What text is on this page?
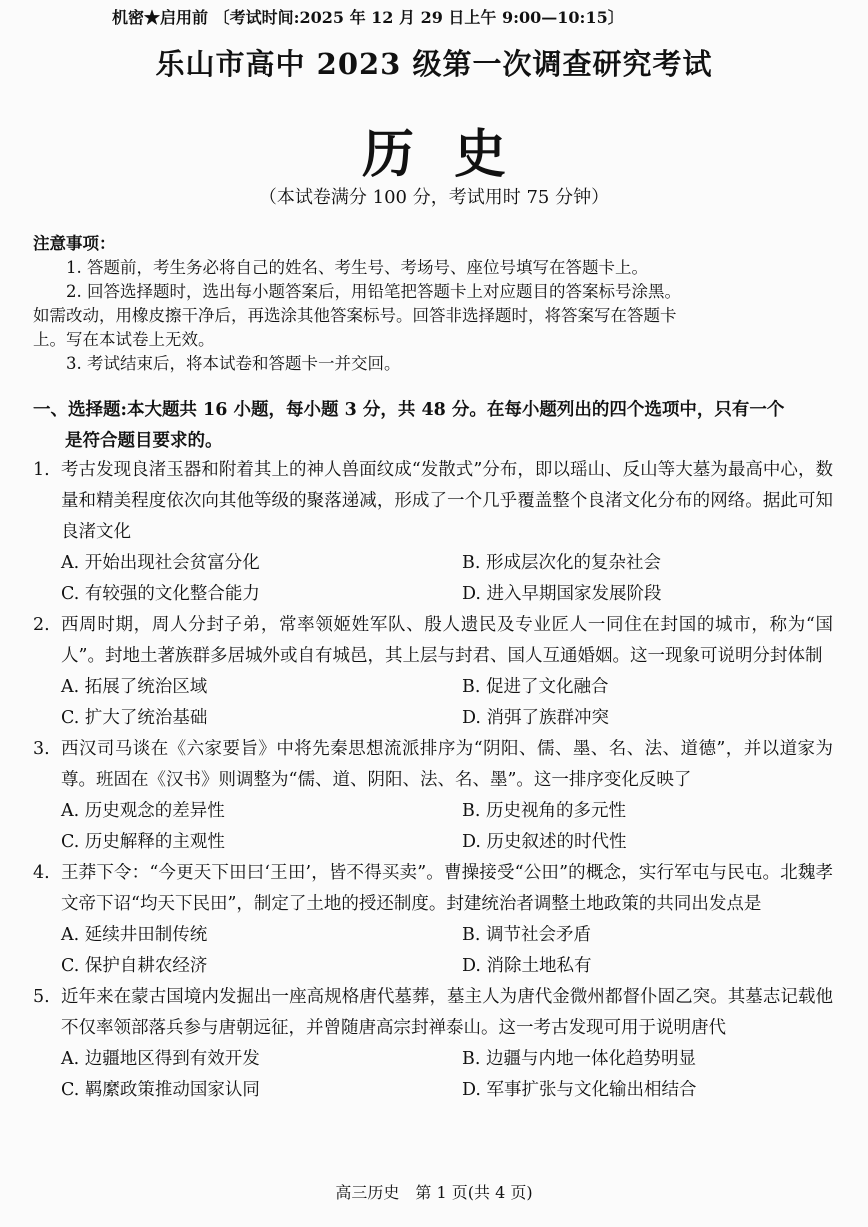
机密★启用前 〔考试时间:2025 年 12 月 29 日上午 9:00—10:15〕
乐山市高中 2023 级第一次调查研究考试
历史
（本试卷满分 100 分，考试用时 75 分钟）
注意事项：
1. 答题前，考生务必将自己的姓名、考生号、考场号、座位号填写在答题卡上。
2. 回答选择题时，选出每小题答案后，用铅笔把答题卡上对应题目的答案标号涂黑。
如需改动，用橡皮擦干净后，再选涂其他答案标号。回答非选择题时，将答案写在答题卡
上。写在本试卷上无效。
3. 考试结束后，将本试卷和答题卡一并交回。
一、选择题:本大题共 16 小题，每小题 3 分，共 48 分。在每小题列出的四个选项中，只有一个
是符合题目要求的。
1. 考古发现良渚玉器和附着其上的神人兽面纹成“发散式”分布，即以瑶山、反山等大墓为最高中心，数量和精美程度依次向其他等级的聚落递减，形成了一个几乎覆盖整个良渚文化分布的网络。据此可知良渚文化
A. 开始出现社会贫富分化	B. 形成层次化的复杂社会
C. 有较强的文化整合能力	D. 进入早期国家发展阶段
2. 西周时期，周人分封子弟，常率领姬姓军队、殷人遗民及专业匠人一同住在封国的城市，称为“国人”。封地土著族群多居城外或自有城邑，其上层与封君、国人互通婚姻。这一现象可说明分封体制
A. 拓展了统治区域	B. 促进了文化融合
C. 扩大了统治基础	D. 消弭了族群冲突
3. 西汉司马谈在《六家要旨》中将先秦思想流派排序为“阴阳、儒、墨、名、法、道德”，并以道家为尊。班固在《汉书》则调整为“儒、道、阴阳、法、名、墨”。这一排序变化反映了
A. 历史观念的差异性	B. 历史视角的多元性
C. 历史解释的主观性	D. 历史叙述的时代性
4. 王莽下令：“今更天下田曰‘王田’，皆不得买卖”。曹操接受“公田”的概念，实行军屯与民屯。北魏孝文帝下诏“均天下民田”，制定了土地的授还制度。封建统治者调整土地政策的共同出发点是
A. 延续井田制传统	B. 调节社会矛盾
C. 保护自耕农经济	D. 消除土地私有
5. 近年来在蒙古国境内发掘出一座高规格唐代墓葬，墓主人为唐代金微州都督仆固乙突。其墓志记载他不仅率领部落兵参与唐朝远征，并曾随唐高宗封禅泰山。这一考古发现可用于说明唐代
A. 边疆地区得到有效开发	B. 边疆与内地一体化趋势明显
C. 羁縻政策推动国家认同	D. 军事扩张与文化输出相结合
高三历史　第 1 页(共 4 页)
